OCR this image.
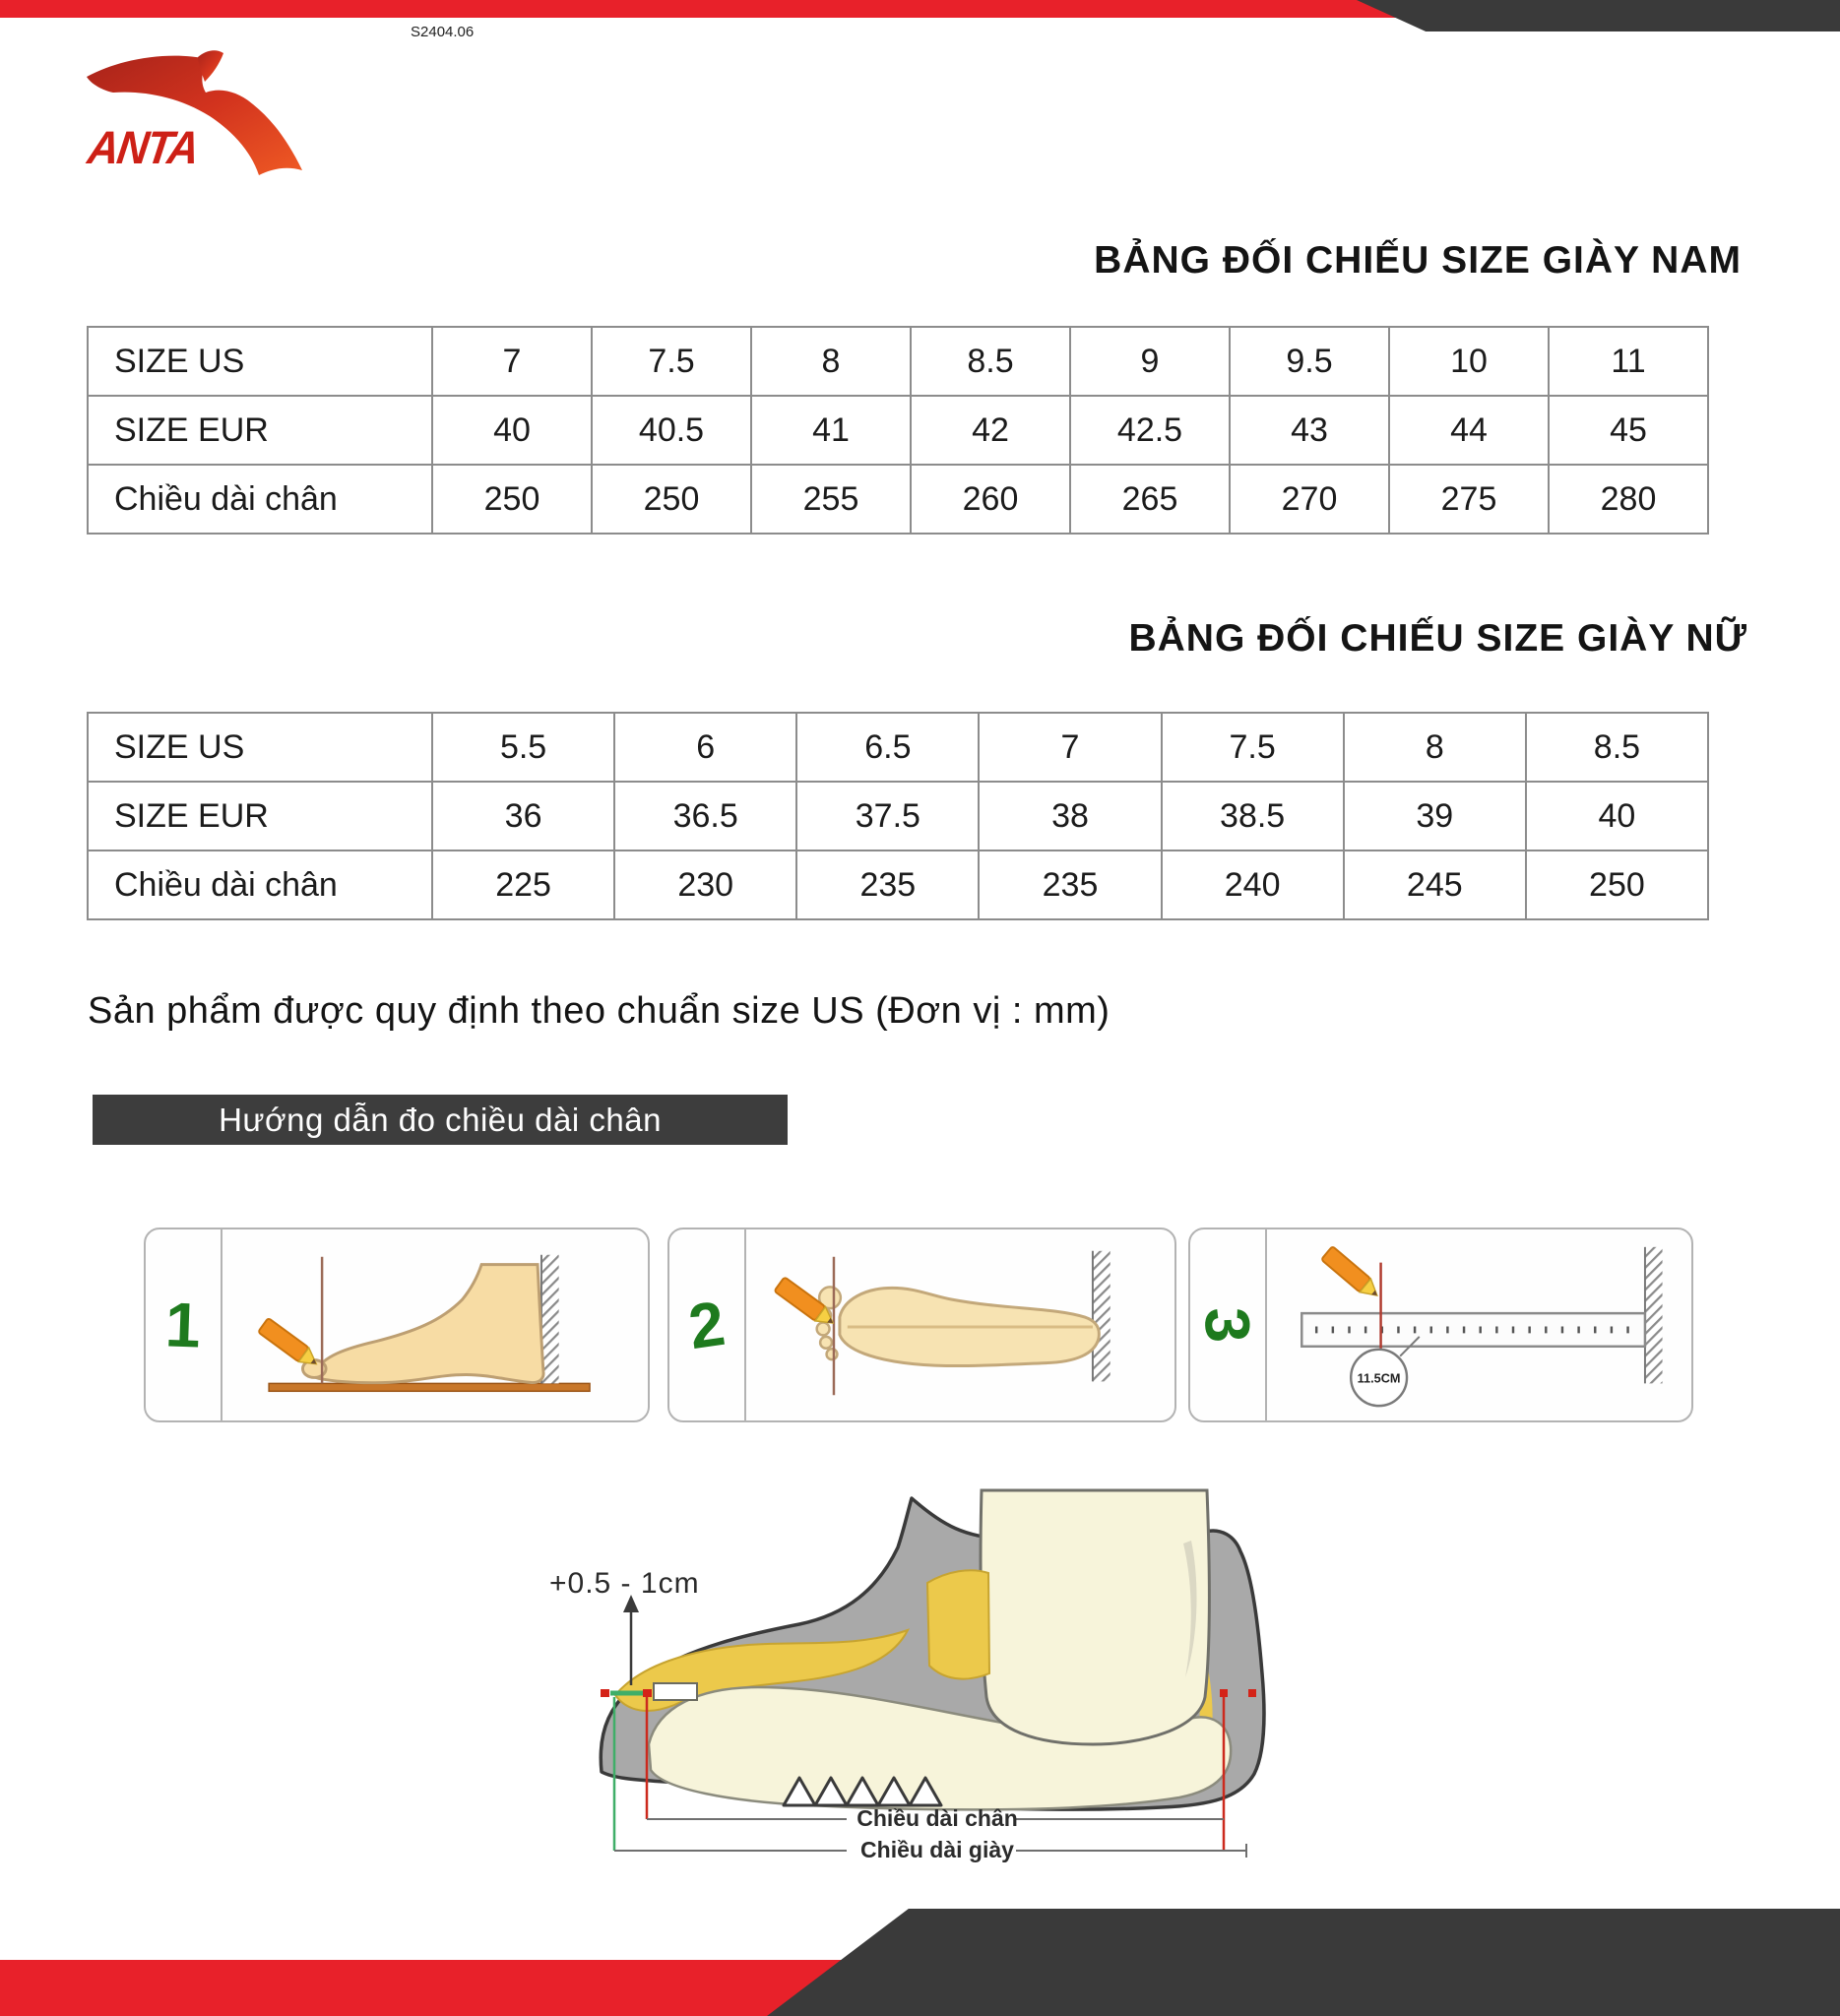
S2404.06
ANTA
BẢNG ĐỐI CHIẾU SIZE GIÀY NAM
BẢNG ĐỐI CHIẾU SIZE GIÀY NỮ
SIZE US	7	7.5	8	8.5	9	9.5	10	11
SIZE EUR	40	40.5	41	42	42.5	43	44	45
Chiều dài chân	250	250	255	260	265	270	275	280
SIZE US	5.5	6	6.5	7	7.5	8	8.5
SIZE EUR	36	36.5	37.5	38	38.5	39	40
Chiều dài chân	225	230	235	235	240	245	250
Sản phẩm được quy định theo chuẩn size US (Đơn vị : mm)
Hướng dẫn đo chiều dài chân
1	2	3
11.5CM
+0.5 - 1cm
Chiều dài chân
Chiều dài giày
